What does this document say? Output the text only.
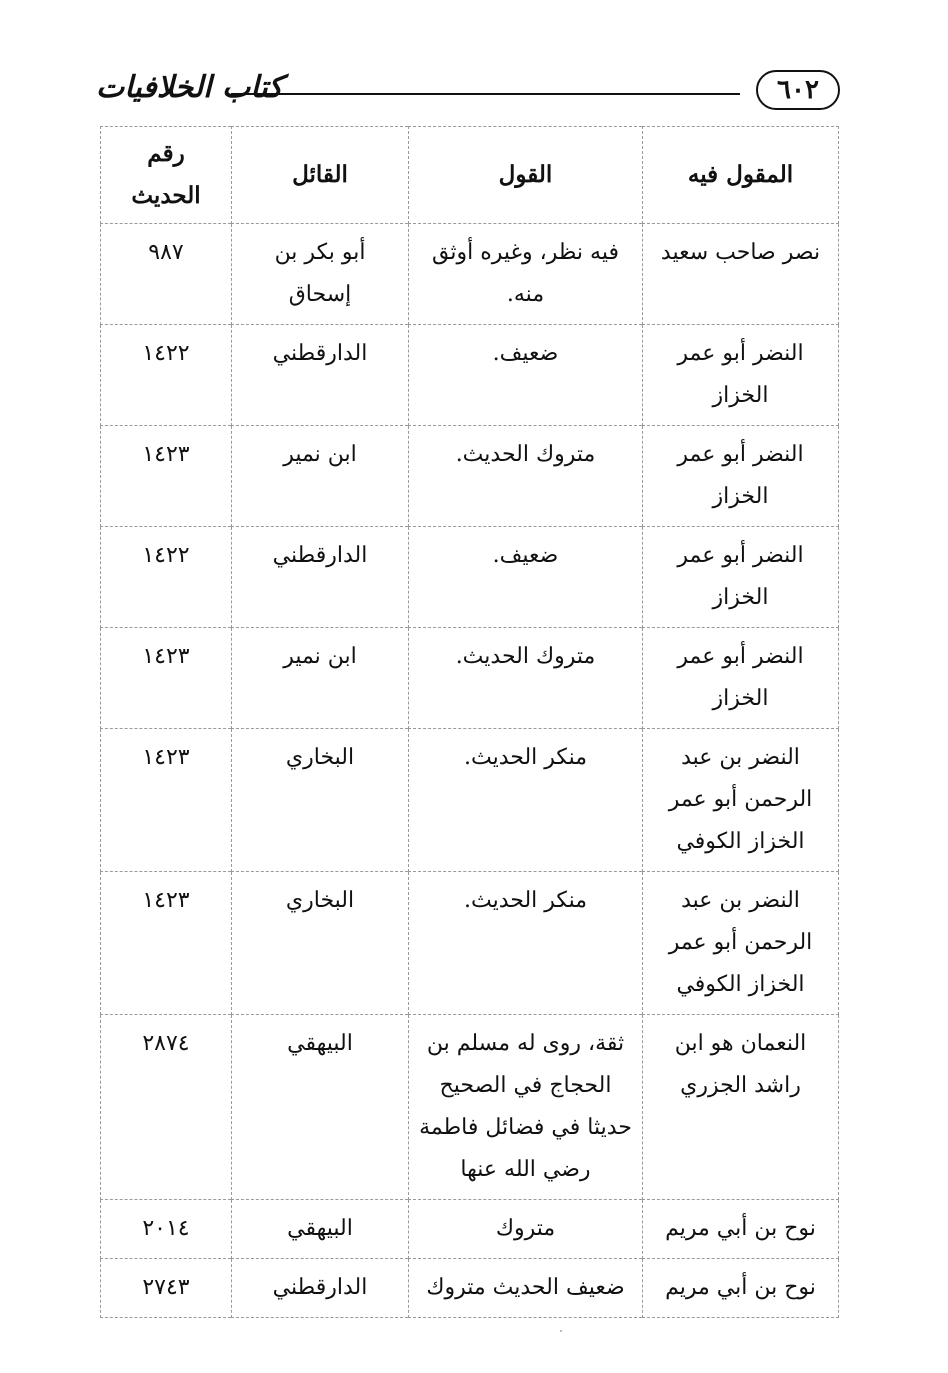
كتاب الخلافيات	٦٠٢
المقول فيه	القول	القائل	رقم الحديث
نصر صاحب سعيد	فيه نظر، وغيره أوثق منه.	أبو بكر بن إسحاق	٩٨٧
النضر أبو عمر الخزاز	ضعيف.	الدارقطني	١٤٢٢
النضر أبو عمر الخزاز	متروك الحديث.	ابن نمير	١٤٢٣
النضر أبو عمر الخزاز	ضعيف.	الدارقطني	١٤٢٢
النضر أبو عمر الخزاز	متروك الحديث.	ابن نمير	١٤٢٣
النضر بن عبد الرحمن أبو عمر الخزاز الكوفي	منكر الحديث.	البخاري	١٤٢٣
النضر بن عبد الرحمن أبو عمر الخزاز الكوفي	منكر الحديث.	البخاري	١٤٢٣
النعمان هو ابن راشد الجزري	ثقة، روى له مسلم بن الحجاج في الصحيح حديثا في فضائل فاطمة رضي الله عنها	البيهقي	٢٨٧٤
نوح بن أبي مريم	متروك	البيهقي	٢٠١٤
نوح بن أبي مريم	ضعيف الحديث متروك	الدارقطني	٢٧٤٣
